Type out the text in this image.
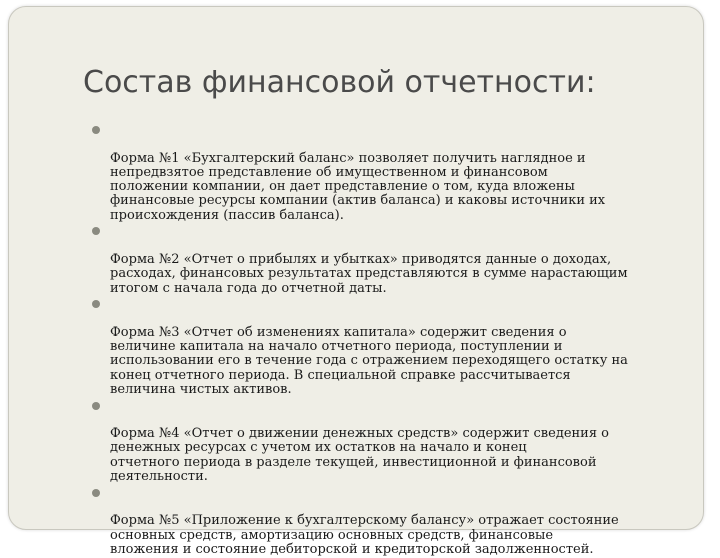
Состав финансовой отчетности:

Форма №1 «Бухгалтерский баланс» позволяет получить наглядное и
непредвзятое представление об имущественном и финансовом
положении компании, он дает представление о том, куда вложены
финансовые ресурсы компании (актив баланса) и каковы источники их
происхождения (пассив баланса).

Форма №2 «Отчет о прибылях и убытках» приводятся данные о доходах,
расходах, финансовых результатах представляются в сумме нарастающим
итогом с начала года до отчетной даты.

Форма №3 «Отчет об изменениях капитала» содержит сведения о
величине капитала на начало отчетного периода, поступлении и
использовании его в течение года с отражением переходящего остатку на
конец отчетного периода. В специальной справке рассчитывается
величина чистых активов.

Форма №4 «Отчет о движении денежных средств» содержит сведения о
денежных ресурсах с учетом их остатков на начало и конец
отчетного периода в разделе текущей, инвестиционной и финансовой
деятельности.

Форма №5 «Приложение к бухгалтерскому балансу» отражает состояние
основных средств, амортизацию основных средств, финансовые
вложения и состояние дебиторской и кредиторской задолженностей.
